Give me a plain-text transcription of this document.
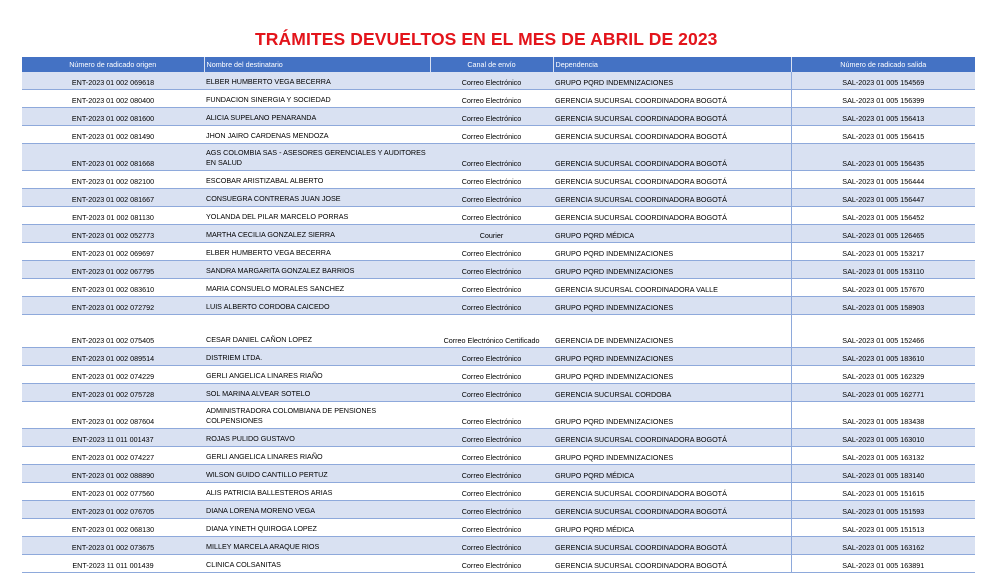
TRÁMITES DEVUELTOS EN EL MES DE ABRIL DE 2023
Número de radicado origen	Nombre del destinatario	Canal de envío	Dependencia	Número de radicado salida
ENT-2023 01 002 069618	ELBER HUMBERTO VEGA BECERRA	Correo Electrónico	GRUPO PQRD INDEMNIZACIONES	SAL-2023 01 005 154569
ENT-2023 01 002 080400	FUNDACION SINERGIA Y SOCIEDAD	Correo Electrónico	GERENCIA SUCURSAL COORDINADORA BOGOTÁ	SAL-2023 01 005 156399
ENT-2023 01 002 081600	ALICIA SUPELANO PENARANDA	Correo Electrónico	GERENCIA SUCURSAL COORDINADORA BOGOTÁ	SAL-2023 01 005 156413
ENT-2023 01 002 081490	JHON JAIRO CARDENAS MENDOZA	Correo Electrónico	GERENCIA SUCURSAL COORDINADORA BOGOTÁ	SAL-2023 01 005 156415
ENT-2023 01 002 081668	AGS COLOMBIA SAS - ASESORES GERENCIALES Y AUDITORES EN SALUD	Correo Electrónico	GERENCIA SUCURSAL COORDINADORA BOGOTÁ	SAL-2023 01 005 156435
ENT-2023 01 002 082100	ESCOBAR ARISTIZABAL ALBERTO	Correo Electrónico	GERENCIA SUCURSAL COORDINADORA BOGOTÁ	SAL-2023 01 005 156444
ENT-2023 01 002 081667	CONSUEGRA CONTRERAS JUAN JOSE	Correo Electrónico	GERENCIA SUCURSAL COORDINADORA BOGOTÁ	SAL-2023 01 005 156447
ENT-2023 01 002 081130	YOLANDA DEL PILAR MARCELO PORRAS	Correo Electrónico	GERENCIA SUCURSAL COORDINADORA BOGOTÁ	SAL-2023 01 005 156452
ENT-2023 01 002 052773	MARTHA CECILIA GONZALEZ SIERRA	Courier	GRUPO PQRD MÉDICA	SAL-2023 01 005 126465
ENT-2023 01 002 069697	ELBER HUMBERTO VEGA BECERRA	Correo Electrónico	GRUPO PQRD INDEMNIZACIONES	SAL-2023 01 005 153217
ENT-2023 01 002 067795	SANDRA MARGARITA GONZALEZ BARRIOS	Correo Electrónico	GRUPO PQRD INDEMNIZACIONES	SAL-2023 01 005 153110
ENT-2023 01 002 083610	MARIA CONSUELO MORALES SANCHEZ	Correo Electrónico	GERENCIA SUCURSAL COORDINADORA VALLE	SAL-2023 01 005 157670
ENT-2023 01 002 072792	LUIS ALBERTO CORDOBA CAICEDO	Correo Electrónico	GRUPO PQRD INDEMNIZACIONES	SAL-2023 01 005 158903
ENT-2023 01 002 075405	CESAR DANIEL CAÑON LOPEZ	Correo Electrónico Certificado	GERENCIA DE INDEMNIZACIONES	SAL-2023 01 005 152466
ENT-2023 01 002 089514	DISTRIEM LTDA.	Correo Electrónico	GRUPO PQRD INDEMNIZACIONES	SAL-2023 01 005 183610
ENT-2023 01 002 074229	GERLI ANGELICA LINARES RIAÑO	Correo Electrónico	GRUPO PQRD INDEMNIZACIONES	SAL-2023 01 005 162329
ENT-2023 01 002 075728	SOL MARINA ALVEAR SOTELO	Correo Electrónico	GERENCIA SUCURSAL CORDOBA	SAL-2023 01 005 162771
ENT-2023 01 002 087604	ADMINISTRADORA COLOMBIANA DE PENSIONES COLPENSIONES	Correo Electrónico	GRUPO PQRD INDEMNIZACIONES	SAL-2023 01 005 183438
ENT-2023 11 011 001437	ROJAS PULIDO GUSTAVO	Correo Electrónico	GERENCIA SUCURSAL COORDINADORA BOGOTÁ	SAL-2023 01 005 163010
ENT-2023 01 002 074227	GERLI ANGELICA LINARES RIAÑO	Correo Electrónico	GRUPO PQRD INDEMNIZACIONES	SAL-2023 01 005 163132
ENT-2023 01 002 088890	WILSON GUIDO CANTILLO PERTUZ	Correo Electrónico	GRUPO PQRD MÉDICA	SAL-2023 01 005 183140
ENT-2023 01 002 077560	ALIS PATRICIA BALLESTEROS ARIAS	Correo Electrónico	GERENCIA SUCURSAL COORDINADORA BOGOTÁ	SAL-2023 01 005 151615
ENT-2023 01 002 076705	DIANA LORENA MORENO VEGA	Correo Electrónico	GERENCIA SUCURSAL COORDINADORA BOGOTÁ	SAL-2023 01 005 151593
ENT-2023 01 002 068130	DIANA YINETH QUIROGA LOPEZ	Correo Electrónico	GRUPO PQRD MÉDICA	SAL-2023 01 005 151513
ENT-2023 01 002 073675	MILLEY MARCELA ARAQUE RIOS	Correo Electrónico	GERENCIA SUCURSAL COORDINADORA BOGOTÁ	SAL-2023 01 005 163162
ENT-2023 11 011 001439	CLINICA COLSANITAS	Correo Electrónico	GERENCIA SUCURSAL COORDINADORA BOGOTÁ	SAL-2023 01 005 163891
